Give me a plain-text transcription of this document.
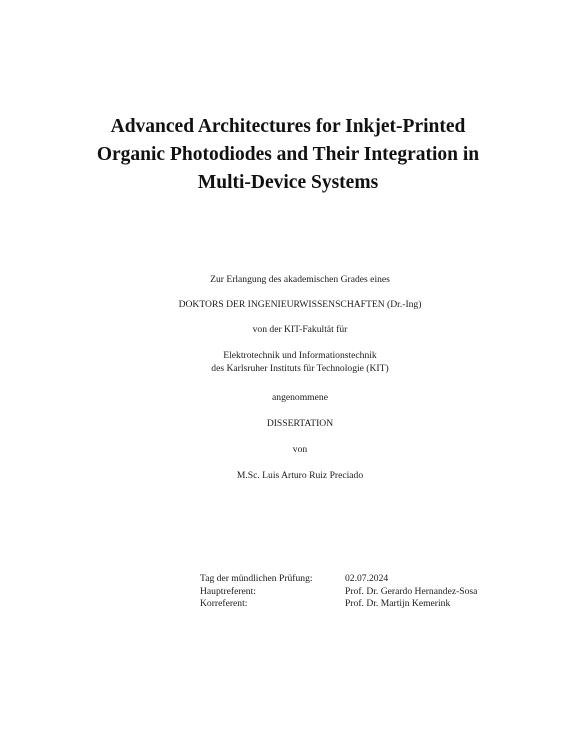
Advanced Architectures for Inkjet-Printed
Organic Photodiodes and Their Integration in
Multi-Device Systems
Zur Erlangung des akademischen Grades eines
DOKTORS DER INGENIEURWISSENSCHAFTEN (Dr.-Ing)
von der KIT-Fakultät für
Elektrotechnik und Informationstechnik
des Karlsruher Instituts für Technologie (KIT)
angenommene
DISSERTATION
von
M.Sc. Luis Arturo Ruiz Preciado
Tag der mündlichen Prüfung:	02.07.2024
Hauptreferent:	Prof. Dr. Gerardo Hernandez-Sosa
Korreferent:	Prof. Dr. Martijn Kemerink
